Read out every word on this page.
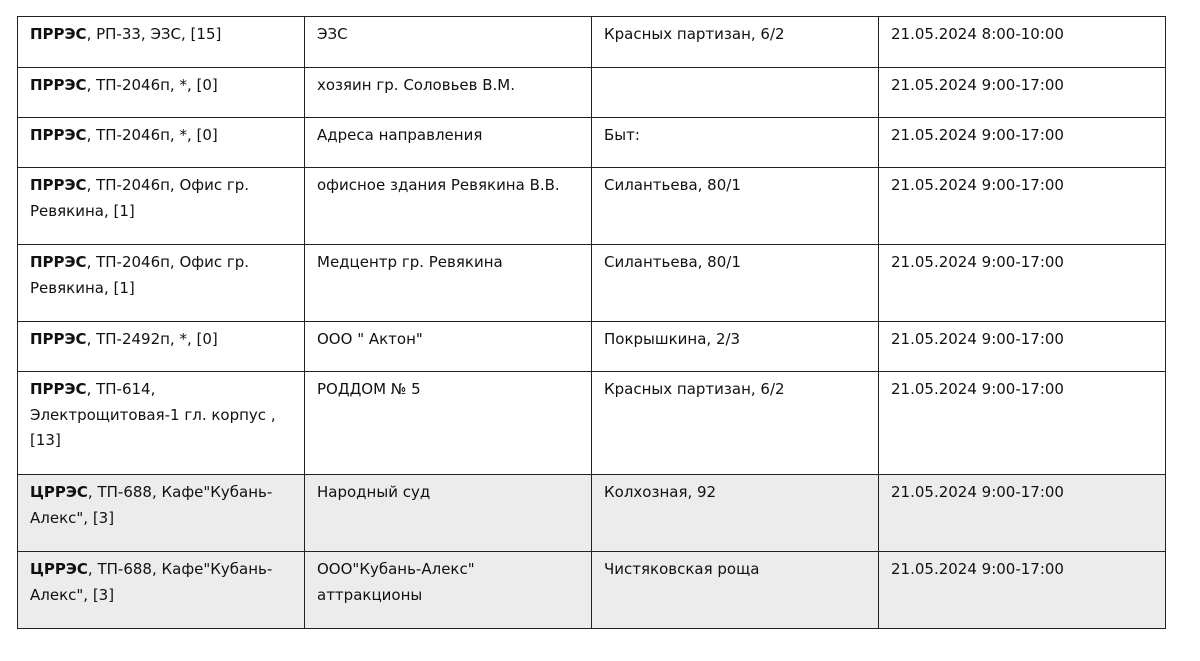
ПРРЭС, РП-33, ЭЗС, [15]	ЭЗС	Красных партизан, 6/2	21.05.2024 8:00-10:00
ПРРЭС, ТП-2046п, *, [0]	хозяин гр. Соловьев В.М.		21.05.2024 9:00-17:00
ПРРЭС, ТП-2046п, *, [0]	Адреса направления	Быт:	21.05.2024 9:00-17:00
ПРРЭС, ТП-2046п, Офис гр. Ревякина, [1]	офисное здания Ревякина В.В.	Силантьева, 80/1	21.05.2024 9:00-17:00
ПРРЭС, ТП-2046п, Офис гр. Ревякина, [1]	Медцентр гр. Ревякина	Силантьева, 80/1	21.05.2024 9:00-17:00
ПРРЭС, ТП-2492п, *, [0]	ООО " Актон"	Покрышкина, 2/3	21.05.2024 9:00-17:00
ПРРЭС, ТП-614, Электрощитовая-1 гл. корпус , [13]	РОДДОМ № 5	Красных партизан, 6/2	21.05.2024 9:00-17:00
ЦРРЭС, ТП-688, Кафе"Кубань-Алекс", [3]	Народный суд	Колхозная, 92	21.05.2024 9:00-17:00
ЦРРЭС, ТП-688, Кафе"Кубань-Алекс", [3]	ООО"Кубань-Алекс" аттракционы	Чистяковская роща	21.05.2024 9:00-17:00
